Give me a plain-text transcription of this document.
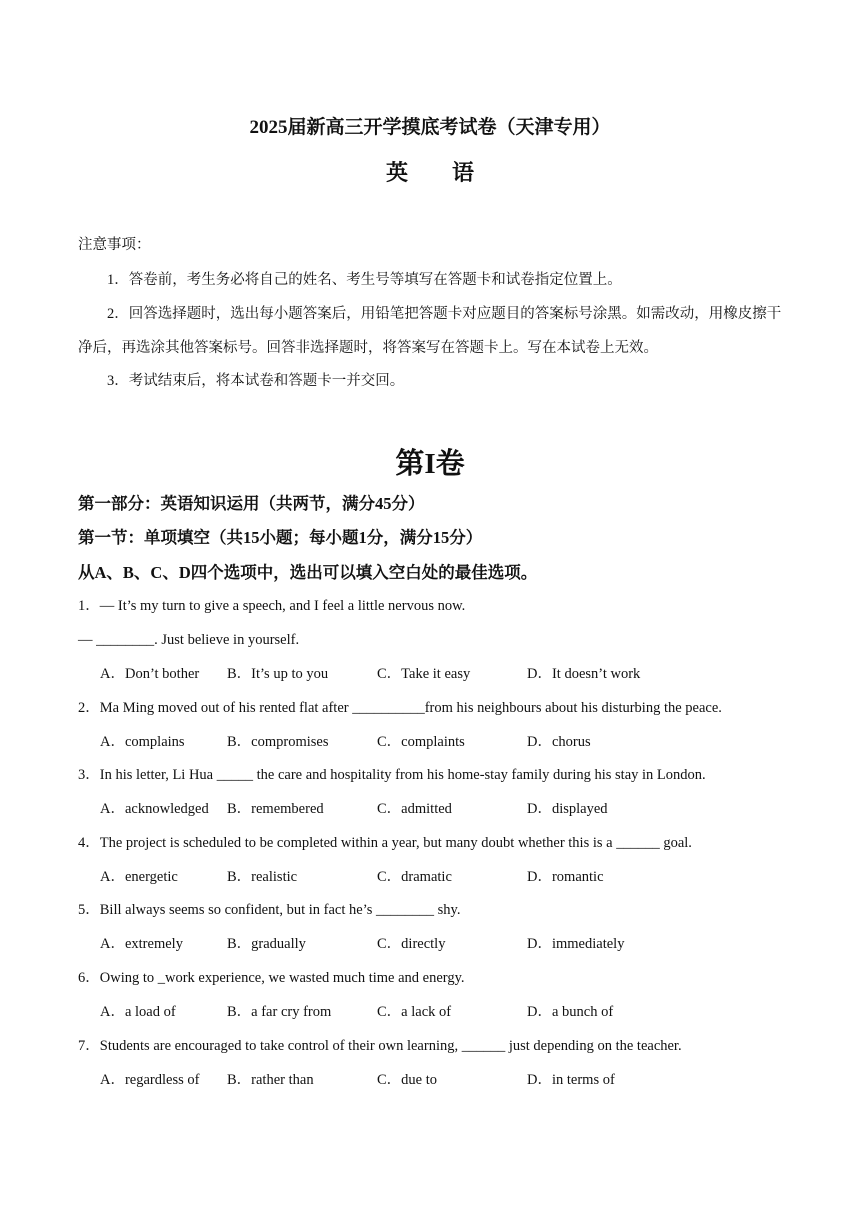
2025届新高三开学摸底考试卷（天津专用）
英语
注意事项：
1．答卷前，考生务必将自己的姓名、考生号等填写在答题卡和试卷指定位置上。
2．回答选择题时，选出每小题答案后，用铅笔把答题卡对应题目的答案标号涂黑。如需改动，用橡皮擦干净后，再选涂其他答案标号。回答非选择题时，将答案写在答题卡上。写在本试卷上无效。
3．考试结束后，将本试卷和答题卡一并交回。
第I卷
第一部分：英语知识运用（共两节，满分45分）
第一节：单项填空（共15小题；每小题1分，满分15分）
从A、B、C、D四个选项中，选出可以填入空白处的最佳选项。
1．— It’s my turn to give a speech, and I feel a little nervous now.
— ________. Just believe in yourself.
A．Don’t bother B．It’s up to you	C．Take it easy	D．It doesn’t work
2．Ma Ming moved out of his rented flat after __________from his neighbours about his disturbing the peace.
A．complains	B．compromises	C．complaints	D．chorus
3．In his letter, Li Hua _____ the care and hospitality from his home-stay family during his stay in London.
A．acknowledged B．remembered	C．admitted	D．displayed
4．The project is scheduled to be completed within a year, but many doubt whether this is a ______ goal.
A．energetic	B．realistic	C．dramatic	D．romantic
5．Bill always seems so confident, but in fact he’s ________ shy.
A．extremely	B．gradually	C．directly	D．immediately
6．Owing to _work experience, we wasted much time and energy.
A．a load of	B．a far cry from	C．a lack of	D．a bunch of
7．Students are encouraged to take control of their own learning, ______ just depending on the teacher.
A．regardless of B．rather than	C．due to	D．in terms of
